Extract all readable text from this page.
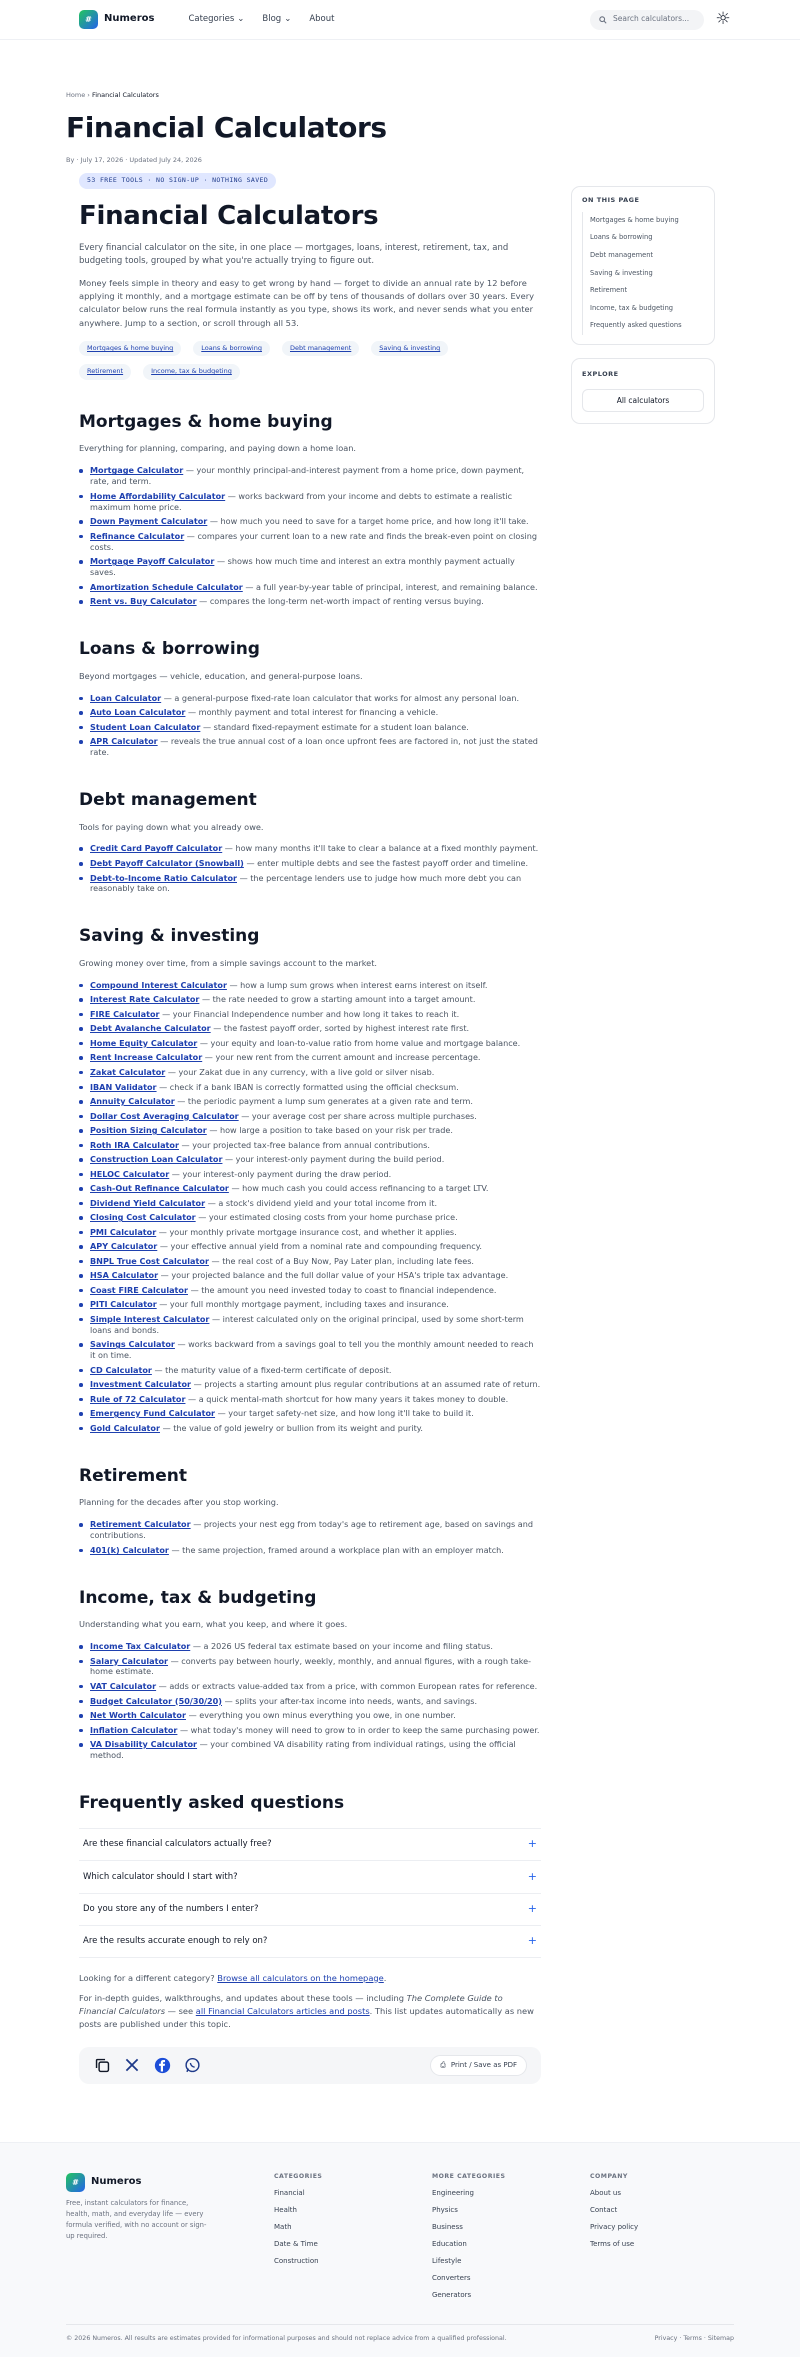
#	Numeros	Categories ⌄ Blog ⌄ About	Search calculators... ☼
Home › Financial Calculators
Financial Calculators
By · July 17, 2026 · Updated July 24, 2026
53 FREE TOOLS · NO SIGN-UP · NOTHING SAVED
Financial Calculators

Every financial calculator on the site, in one place — mortgages, loans, interest, retirement, tax, and budgeting tools, grouped by what you're actually trying to figure out.

Money feels simple in theory and easy to get wrong by hand — forget to divide an annual rate by 12 before applying it monthly, and a mortgage estimate can be off by tens of thousands of dollars over 30 years. Every calculator below runs the real formula instantly as you type, shows its work, and never sends what you enter anywhere. Jump to a section, or scroll through all 53.

Mortgages & home buying	Loans & borrowing	Debt management	Saving & investing
Retirement	Income, tax & budgeting
Mortgages & home buying
Everything for planning, comparing, and paying down a home loan.
Mortgage Calculator — your monthly principal-and-interest payment from a home price, down payment, rate, and term.
Home Affordability Calculator — works backward from your income and debts to estimate a realistic maximum home price.
Down Payment Calculator — how much you need to save for a target home price, and how long it'll take.
Refinance Calculator — compares your current loan to a new rate and finds the break-even point on closing costs.
Mortgage Payoff Calculator — shows how much time and interest an extra monthly payment actually saves.
Amortization Schedule Calculator — a full year-by-year table of principal, interest, and remaining balance.
Rent vs. Buy Calculator — compares the long-term net-worth impact of renting versus buying.
Loans & borrowing
Beyond mortgages — vehicle, education, and general-purpose loans.
Loan Calculator — a general-purpose fixed-rate loan calculator that works for almost any personal loan.
Auto Loan Calculator — monthly payment and total interest for financing a vehicle.
Student Loan Calculator — standard fixed-repayment estimate for a student loan balance.
APR Calculator — reveals the true annual cost of a loan once upfront fees are factored in, not just the stated rate.
Debt management
Tools for paying down what you already owe.
Credit Card Payoff Calculator — how many months it'll take to clear a balance at a fixed monthly payment.
Debt Payoff Calculator (Snowball) — enter multiple debts and see the fastest payoff order and timeline.
Debt-to-Income Ratio Calculator — the percentage lenders use to judge how much more debt you can reasonably take on.
Saving & investing
Growing money over time, from a simple savings account to the market.
Compound Interest Calculator — how a lump sum grows when interest earns interest on itself.
Interest Rate Calculator — the rate needed to grow a starting amount into a target amount.
FIRE Calculator — your Financial Independence number and how long it takes to reach it.
Debt Avalanche Calculator — the fastest payoff order, sorted by highest interest rate first.
Home Equity Calculator — your equity and loan-to-value ratio from home value and mortgage balance.
Rent Increase Calculator — your new rent from the current amount and increase percentage.
Zakat Calculator — your Zakat due in any currency, with a live gold or silver nisab.
IBAN Validator — check if a bank IBAN is correctly formatted using the official checksum.
Annuity Calculator — the periodic payment a lump sum generates at a given rate and term.
Dollar Cost Averaging Calculator — your average cost per share across multiple purchases.
Position Sizing Calculator — how large a position to take based on your risk per trade.
Roth IRA Calculator — your projected tax-free balance from annual contributions.
Construction Loan Calculator — your interest-only payment during the build period.
HELOC Calculator — your interest-only payment during the draw period.
Cash-Out Refinance Calculator — how much cash you could access refinancing to a target LTV.
Dividend Yield Calculator — a stock's dividend yield and your total income from it.
Closing Cost Calculator — your estimated closing costs from your home purchase price.
PMI Calculator — your monthly private mortgage insurance cost, and whether it applies.
APY Calculator — your effective annual yield from a nominal rate and compounding frequency.
BNPL True Cost Calculator — the real cost of a Buy Now, Pay Later plan, including late fees.
HSA Calculator — your projected balance and the full dollar value of your HSA's triple tax advantage.
Coast FIRE Calculator — the amount you need invested today to coast to financial independence.
PITI Calculator — your full monthly mortgage payment, including taxes and insurance.
Simple Interest Calculator — interest calculated only on the original principal, used by some short-term loans and bonds.
Savings Calculator — works backward from a savings goal to tell you the monthly amount needed to reach it on time.
CD Calculator — the maturity value of a fixed-term certificate of deposit.
Investment Calculator — projects a starting amount plus regular contributions at an assumed rate of return.
Rule of 72 Calculator — a quick mental-math shortcut for how many years it takes money to double.
Emergency Fund Calculator — your target safety-net size, and how long it'll take to build it.
Gold Calculator — the value of gold jewelry or bullion from its weight and purity.
Retirement
Planning for the decades after you stop working.
Retirement Calculator — projects your nest egg from today's age to retirement age, based on savings and contributions.
401(k) Calculator — the same projection, framed around a workplace plan with an employer match.
Income, tax & budgeting
Understanding what you earn, what you keep, and where it goes.
Income Tax Calculator — a 2026 US federal tax estimate based on your income and filing status.
Salary Calculator — converts pay between hourly, weekly, monthly, and annual figures, with a rough take-home estimate.
VAT Calculator — adds or extracts value-added tax from a price, with common European rates for reference.
Budget Calculator (50/30/20) — splits your after-tax income into needs, wants, and savings.
Net Worth Calculator — everything you own minus everything you owe, in one number.
Inflation Calculator — what today's money will need to grow to in order to keep the same purchasing power.
VA Disability Calculator — your combined VA disability rating from individual ratings, using the official method.
Frequently asked questions
Are these financial calculators actually free?	+
Which calculator should I start with?	+
Do you store any of the numbers I enter?	+
Are the results accurate enough to rely on?	+

Looking for a different category? Browse all calculators on the homepage.

For in-depth guides, walkthroughs, and updates about these tools — including The Complete Guide to Financial Calculators — see all Financial Calculators articles and posts. This list updates automatically as new posts are published under this topic.

⎙ Print / Save as PDF
ON THIS PAGE
Mortgages & home buying
Loans & borrowing
Debt management
Saving & investing
Retirement
Income, tax & budgeting
Frequently asked questions
EXPLORE
All calculators
#	Numeros

Free, instant calculators for finance, health, math, and everyday life — every formula verified, with no account or sign-up required.

CATEGORIES
Financial
Health
Math
Date & Time
Construction
MORE CATEGORIES
Engineering
Physics
Business
Education
Lifestyle
Converters
Generators
COMPANY
About us
Contact
Privacy policy
Terms of use
© 2026 Numeros. All results are estimates provided for informational purposes and should not replace advice from a qualified professional.	Privacy · Terms · Sitemap
